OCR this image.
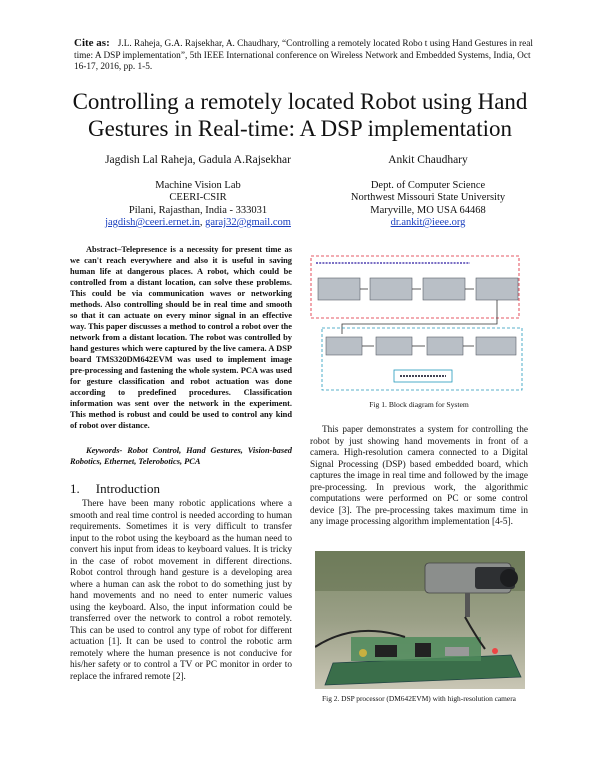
Cite as: J.L. Raheja, G.A. Rajsekhar, A. Chaudhary, “Controlling a remotely located Robo t using Hand Gestures in real time: A DSP implementation”, 5th IEEE International conference on Wireless Network and Embedded Systems, India, Oct 16-17, 2016, pp. 1-5.
Controlling a remotely located Robot using Hand Gestures in Real-time: A DSP implementation
Jagdish Lal Raheja, Gadula A.Rajsekhar
Machine Vision Lab
CEERI-CSIR
Pilani, Rajasthan, India - 333031
jagdish@ceeri.ernet.in, garaj32@gmail.com
Ankit Chaudhary
Dept. of Computer Science
Northwest Missouri State University
Maryville, MO USA 64468
dr.ankit@ieee.org

Abstract–Telepresence is a necessity for present time as we can't reach everywhere and also it is useful in saving human life at dangerous places. A robot, which could be controlled from a distant location, can solve these problems. This could be via communication waves or networking methods. Also controlling should be in real time and smooth so that it can actuate on every minor signal in an effective way. This paper discusses a method to control a robot over the network from a distant location. The robot was controlled by hand gestures which were captured by the live camera. A DSP board TMS320DM642EVM was used to implement image pre-processing and fastening the whole system. PCA was used for gesture classification and robot actuation was done according to predefined procedures. Classification information was sent over the network in the experiment. This method is robust and could be used to control any kind of robot over distance.

Keywords- Robot Control, Hand Gestures, Vision-based Robotics, Ethernet, Telerobotics, PCA

1. Introduction

There have been many robotic applications where a smooth and real time control is needed according to human requirements. Sometimes it is very difficult to transfer input to the robot using the keyboard as the human need to convert his input from ideas to keyboard values. It is tricky in the case of robot movement in different directions. Robot control through hand gesture is a developing area where a human can ask the robot to do something just by hand movements and no need to enter numeric values using the keyboard. Also, the input information could be transferred over the network to control a robot remotely. This can be used to control any type of robot for different actuation [1]. It can be used to control the robotic arm remotely where the human presence is not conducive for his/her safety or to control a TV or PC monitor in order to replace the infrared remote [2].

Fig 1. Block diagram for System

This paper demonstrates a system for controlling the robot by just showing hand movements in front of a camera. High-resolution camera connected to a Digital Signal Processing (DSP) based embedded board, which captures the image in real time and followed by the image pre-processing. In previous work, the algorithmic computations were performed on PC or some control device [3]. The pre-processing takes maximum time in any image processing algorithm implementation [4-5].

Fig 2. DSP processor (DM642EVM) with high-resolution camera
